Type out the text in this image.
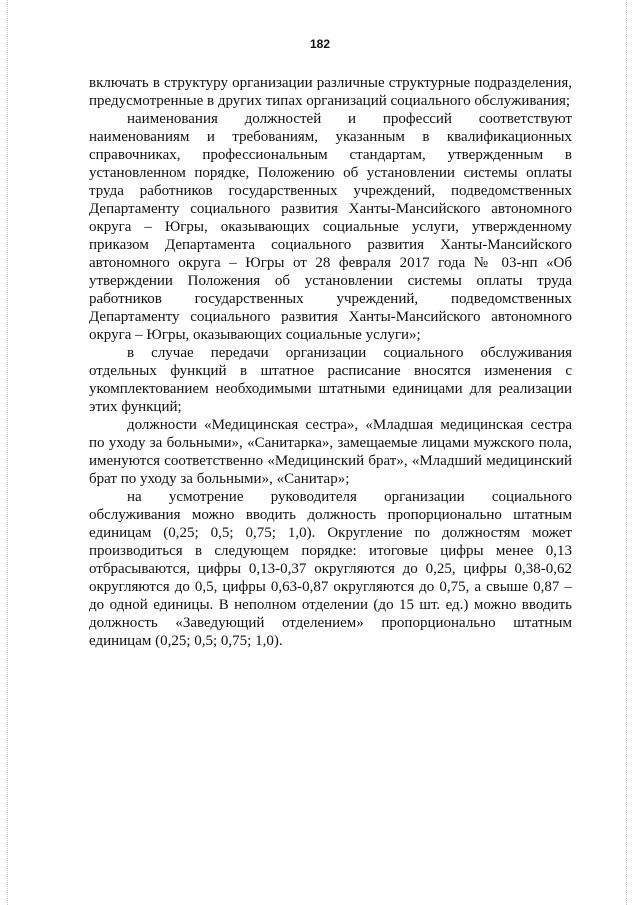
182

включать в структуру организации различные структурные подразделения, предусмотренные в других типах организаций социального обслуживания;

наименования должностей и профессий соответствуют наименованиям и требованиям, указанным в квалификационных справочниках, профессиональным стандартам, утвержденным в установленном порядке, Положению об установлении системы оплаты труда работников государственных учреждений, подведомственных Департаменту социального развития Ханты-Мансийского автономного округа – Югры, оказывающих социальные услуги, утвержденному приказом Департамента социального развития Ханты-Мансийского автономного округа – Югры от 28 февраля 2017 года № 03-нп «Об утверждении Положения об установлении системы оплаты труда работников государственных учреждений, подведомственных Департаменту социального развития Ханты-Мансийского автономного округа – Югры, оказывающих социальные услуги»;

в случае передачи организации социального обслуживания отдельных функций в штатное расписание вносятся изменения с укомплектованием необходимыми штатными единицами для реализации этих функций;

должности «Медицинская сестра», «Младшая медицинская сестра по уходу за больными», «Санитарка», замещаемые лицами мужского пола, именуются соответственно «Медицинский брат», «Младший медицинский брат по уходу за больными», «Санитар»;

на усмотрение руководителя организации социального обслуживания можно вводить должность пропорционально штатным единицам (0,25; 0,5; 0,75; 1,0). Округление по должностям может производиться в следующем порядке: итоговые цифры менее 0,13 отбрасываются, цифры 0,13-0,37 округляются до 0,25, цифры 0,38-0,62 округляются до 0,5, цифры 0,63-0,87 округляются до 0,75, а свыше 0,87 – до одной единицы. В неполном отделении (до 15 шт. ед.) можно вводить должность «Заведующий отделением» пропорционально штатным единицам (0,25; 0,5; 0,75; 1,0).
